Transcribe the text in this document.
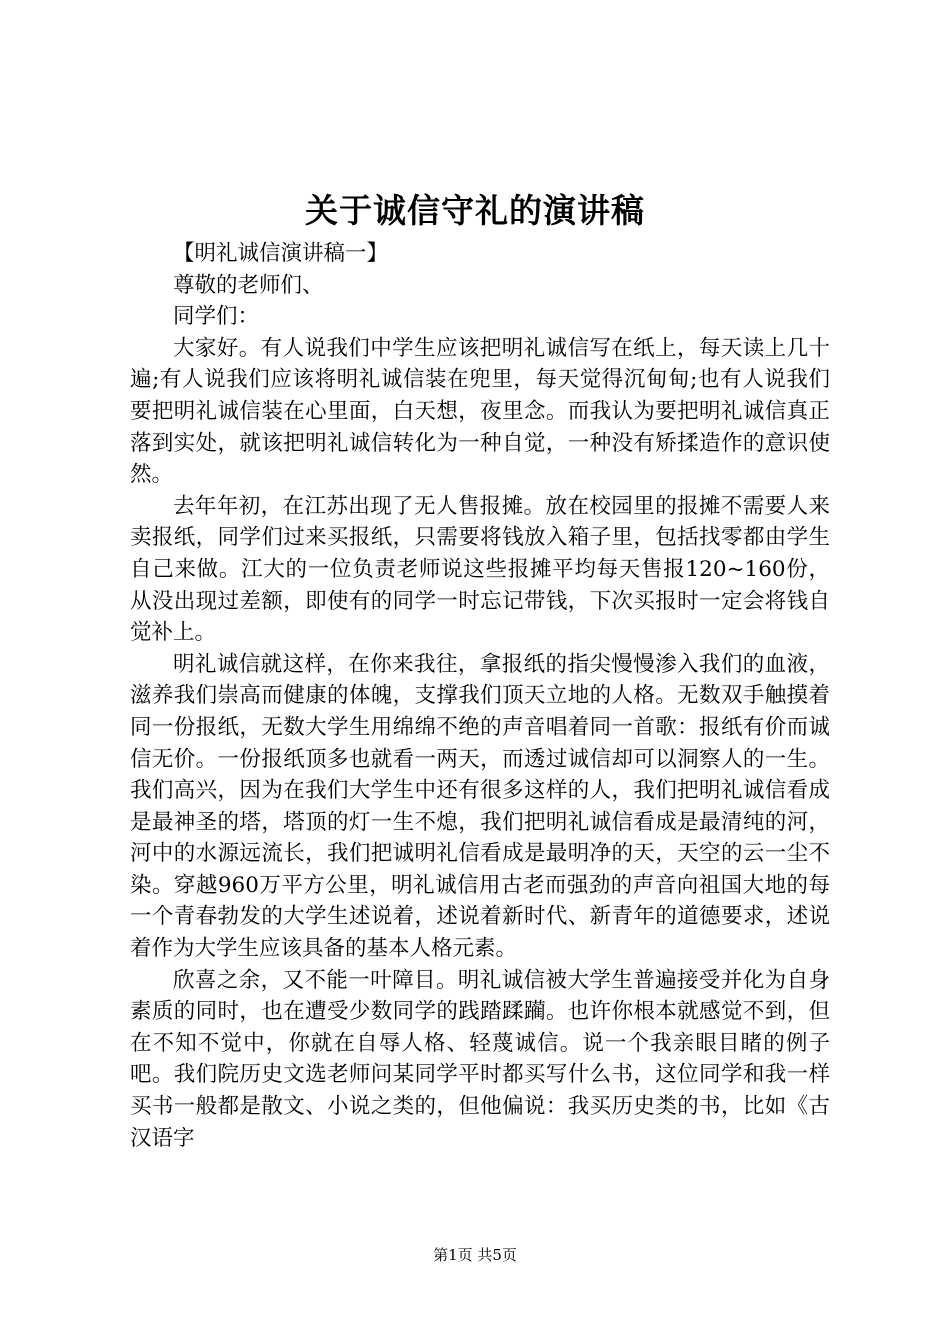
关于诚信守礼的演讲稿

【明礼诚信演讲稿一】

尊敬的老师们、

同学们：

大家好。有人说我们中学生应该把明礼诚信写在纸上，每天读上几十遍;有人说我们应该将明礼诚信装在兜里，每天觉得沉甸甸;也有人说我们要把明礼诚信装在心里面，白天想，夜里念。而我认为要把明礼诚信真正落到实处，就该把明礼诚信转化为一种自觉，一种没有矫揉造作的意识使然。

去年年初，在江苏出现了无人售报摊。放在校园里的报摊不需要人来卖报纸，同学们过来买报纸，只需要将钱放入箱子里，包括找零都由学生自己来做。江大的一位负责老师说这些报摊平均每天售报120~160份，从没出现过差额，即使有的同学一时忘记带钱，下次买报时一定会将钱自觉补上。

明礼诚信就这样，在你来我往，拿报纸的指尖慢慢渗入我们的血液，滋养我们崇高而健康的体魄，支撑我们顶天立地的人格。无数双手触摸着同一份报纸，无数大学生用绵绵不绝的声音唱着同一首歌：报纸有价而诚信无价。一份报纸顶多也就看一两天，而透过诚信却可以洞察人的一生。我们高兴，因为在我们大学生中还有很多这样的人，我们把明礼诚信看成是最神圣的塔，塔顶的灯一生不熄，我们把明礼诚信看成是最清纯的河，河中的水源远流长，我们把诚明礼信看成是最明净的天，天空的云一尘不染。穿越960万平方公里，明礼诚信用古老而强劲的声音向祖国大地的每一个青春勃发的大学生述说着，述说着新时代、新青年的道德要求，述说着作为大学生应该具备的基本人格元素。

欣喜之余，又不能一叶障目。明礼诚信被大学生普遍接受并化为自身素质的同时，也在遭受少数同学的践踏蹂躏。也许你根本就感觉不到，但在不知不觉中，你就在自辱人格、轻蔑诚信。说一个我亲眼目睹的例子吧。我们院历史文选老师问某同学平时都买写什么书，这位同学和我一样买书一般都是散文、小说之类的，但他偏说：我买历史类的书，比如《古汉语字

第1页 共5页
